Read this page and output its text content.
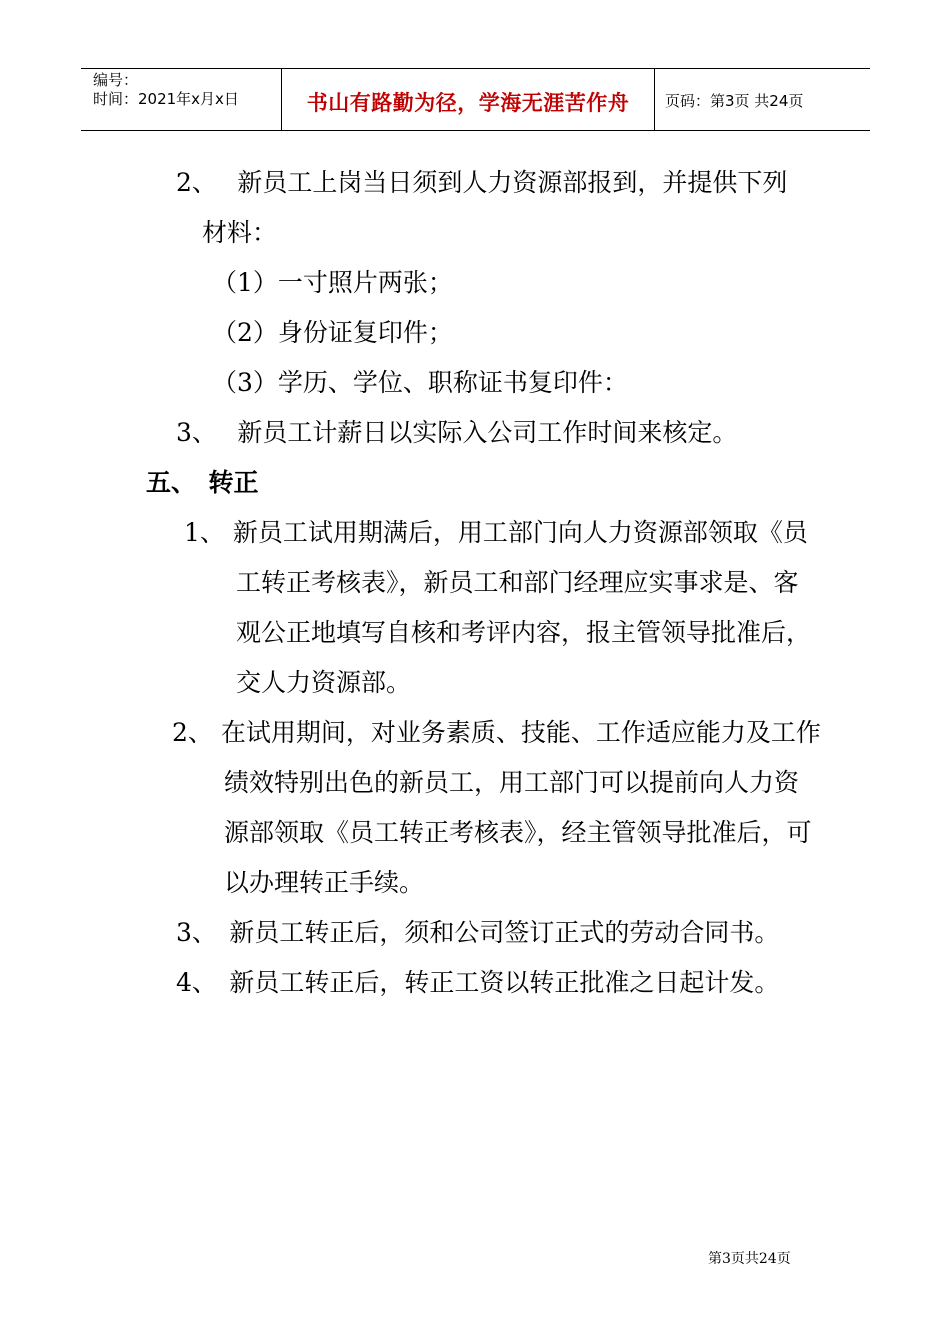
编号：
时间：2021年x月x日	书山有路勤为径，学海无涯苦作舟	页码：第3页 共24页
2、　 新员工上岗当日须到人力资源部报到，并提供下列
材料：
（1）一寸照片两张；
（2）身份证复印件；
（3）学历、学位、职称证书复印件：
3、　 新员工计薪日以实际入公司工作时间来核定。
五、　转正
1、 新员工试用期满后，用工部门向人力资源部领取《员
工转正考核表》，新员工和部门经理应实事求是、客
观公正地填写自核和考评内容，报主管领导批准后，
交人力资源部。
2、 在试用期间，对业务素质、技能、工作适应能力及工作
绩效特别出色的新员工，用工部门可以提前向人力资
源部领取《员工转正考核表》，经主管领导批准后，可
以办理转正手续。
3、　新员工转正后，须和公司签订正式的劳动合同书。
4、　新员工转正后，转正工资以转正批准之日起计发。
第3页共24页
